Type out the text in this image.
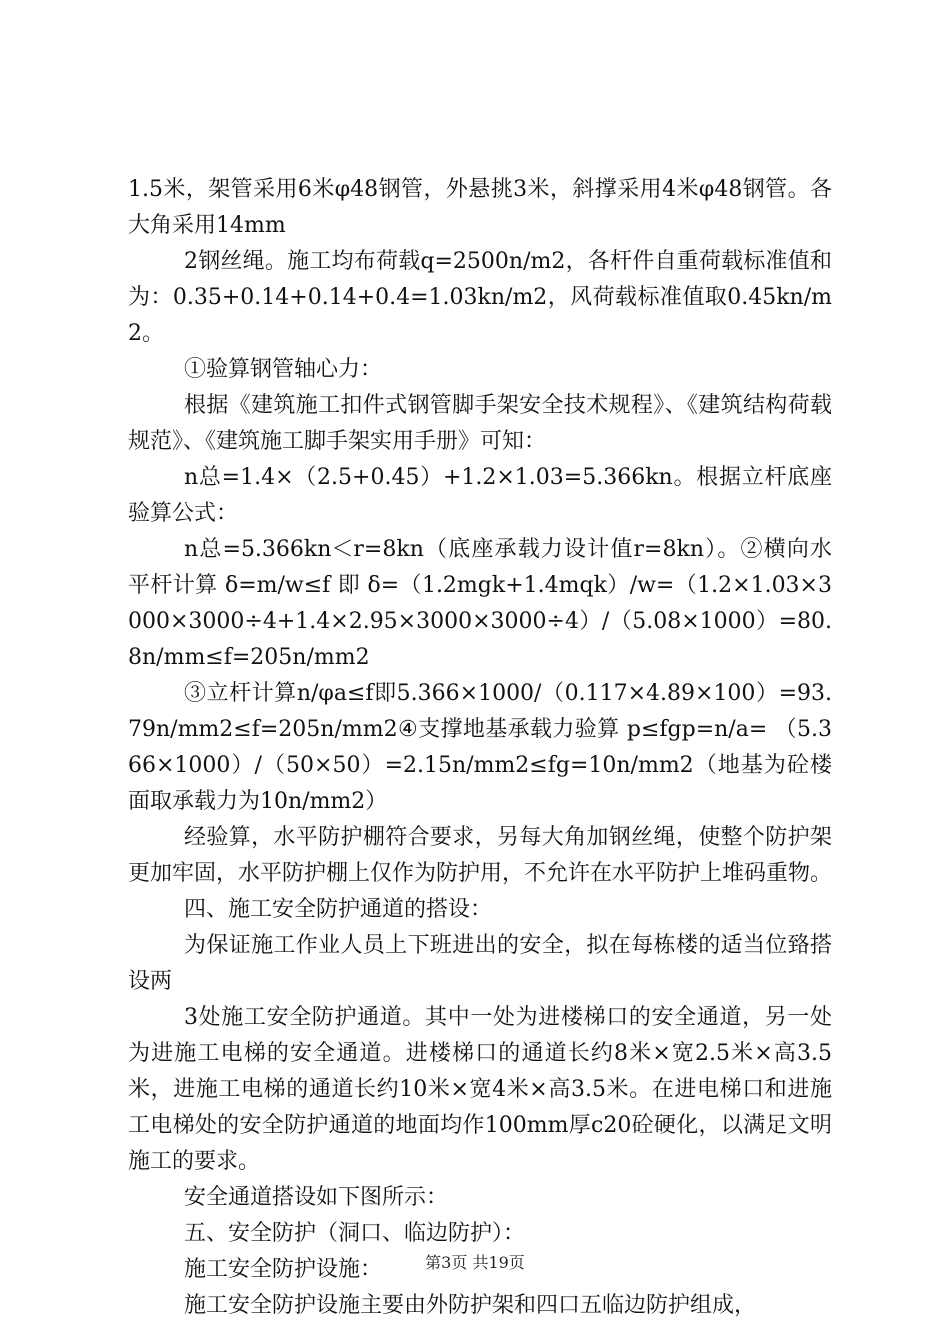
1.5米，架管采用6米φ48钢管，外悬挑3米，斜撑采用4米φ48钢管。各大角采用14mm

2钢丝绳。施工均布荷载q=2500n/m2，各杆件自重荷载标准值和为：0.35+0.14+0.14+0.4=1.03kn/m2，风荷载标准值取0.45kn/m2。

①验算钢管轴心力：

根据《建筑施工扣件式钢管脚手架安全技术规程》、《建筑结构荷载规范》、《建筑施工脚手架实用手册》可知：

n总=1.4×（2.5+0.45）+1.2×1.03=5.366kn。根据立杆底座验算公式：

n总=5.366kn＜r=8kn（底座承载力设计值r=8kn）。②横向水平杆计算 δ=m/w≤f 即 δ=（1.2mgk+1.4mqk）/w=（1.2×1.03×3000×3000÷4+1.4×2.95×3000×3000÷4）/（5.08×1000）=80.8n/mm≤f=205n/mm2

③立杆计算n/φa≤f即5.366×1000/（0.117×4.89×100）=93.79n/mm2≤f=205n/mm2④支撑地基承载力验算 p≤fgp=n/a= （5.366×1000）/（50×50）=2.15n/mm2≤fg=10n/mm2（地基为砼楼面取承载力为10n/mm2）

经验算，水平防护棚符合要求，另每大角加钢丝绳，使整个防护架更加牢固，水平防护棚上仅作为防护用，不允许在水平防护上堆码重物。

四、施工安全防护通道的搭设：

为保证施工作业人员上下班进出的安全，拟在每栋楼的适当位臵搭设两

3处施工安全防护通道。其中一处为进楼梯口的安全通道，另一处为进施工电梯的安全通道。进楼梯口的通道长约8米×宽2.5米×高3.5米，进施工电梯的通道长约10米×宽4米×高3.5米。在进电梯口和进施工电梯处的安全防护通道的地面均作100mm厚c20砼硬化，以满足文明施工的要求。

安全通道搭设如下图所示：

五、安全防护（洞口、临边防护）：

施工安全防护设施：

施工安全防护设施主要由外防护架和四口五临边防护组成，

第3页 共19页
